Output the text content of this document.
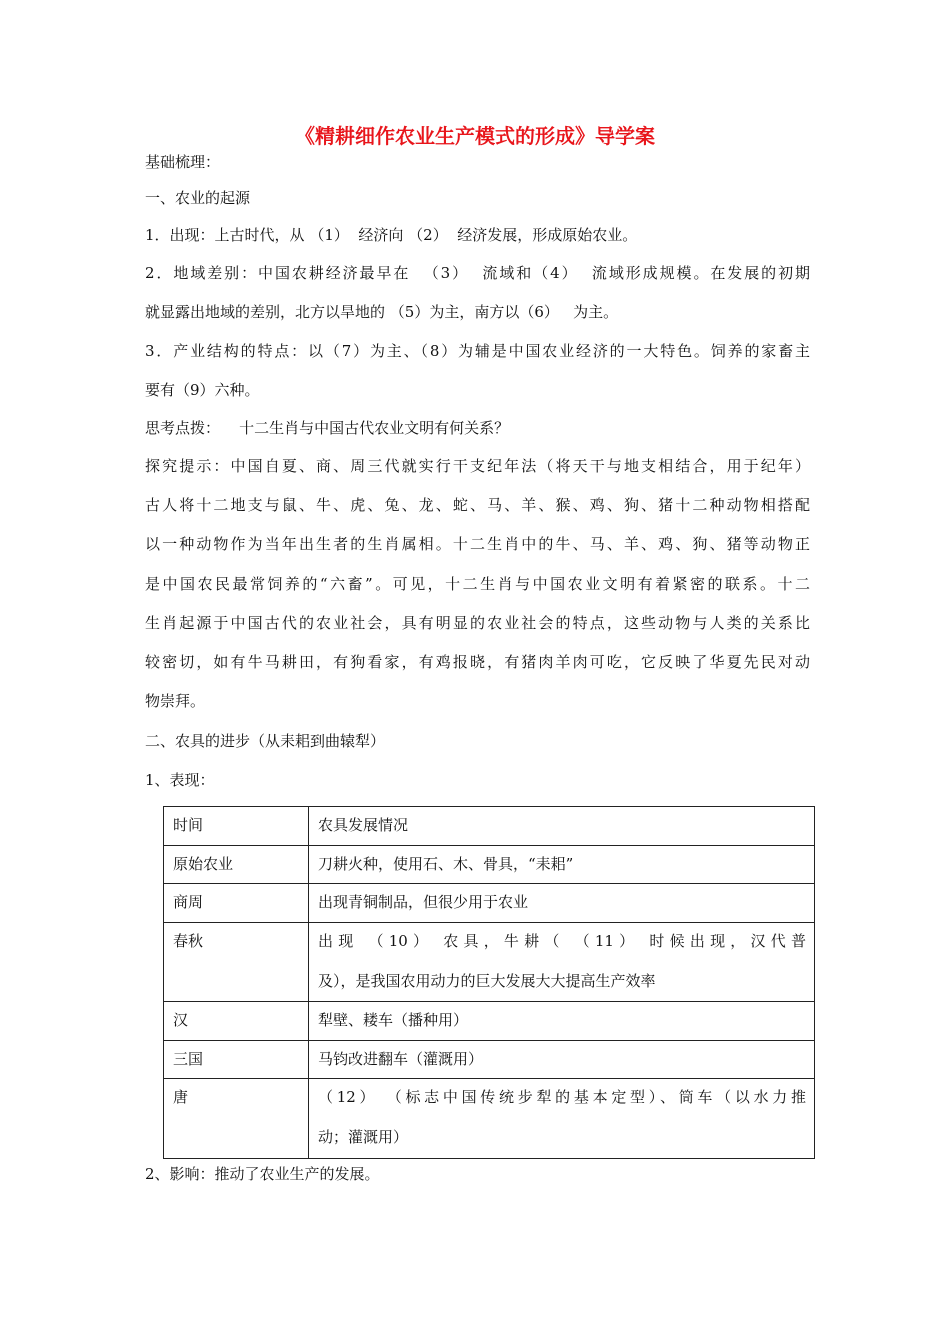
《精耕细作农业生产模式的形成》导学案
基础梳理：
一、农业的起源
1．出现：上古时代，从 （1）  经济向 （2）  经济发展，形成原始农业。
2．地域差别：中国农耕经济最早在  （3）  流域和（4）  流域形成规模。在发展的初期
就显露出地域的差别，北方以旱地的 （5）为主，南方以（6）   为主。
3．产业结构的特点：以（7）为主、（8）为辅是中国农业经济的一大特色。饲养的家畜主
要有（9）六种。
思考点拨：    十二生肖与中国古代农业文明有何关系？
探究提示：中国自夏、商、周三代就实行干支纪年法（将天干与地支相结合，用于纪年）
古人将十二地支与鼠、牛、虎、兔、龙、蛇、马、羊、猴、鸡、狗、猪十二种动物相搭配
以一种动物作为当年出生者的生肖属相。十二生肖中的牛、马、羊、鸡、狗、猪等动物正
是中国农民最常饲养的“六畜”。可见，十二生肖与中国农业文明有着紧密的联系。十二
生肖起源于中国古代的农业社会，具有明显的农业社会的特点，这些动物与人类的关系比
较密切，如有牛马耕田，有狗看家，有鸡报晓，有猪肉羊肉可吃，它反映了华夏先民对动
物崇拜。
二、农具的进步（从耒耜到曲辕犁）
1、表现：
时间	农具发展情况

原始农业	刀耕火种，使用石、木、骨具，“耒耜”

商周	出现青铜制品，但很少用于农业

春秋	出现 （10） 农具，牛耕（ （11） 时候出现，汉代普
及），是我国农用动力的巨大发展大大提高生产效率

汉	犁壁、耧车（播种用）

三国	马钧改进翻车（灌溉用）

唐	（12） （标志中国传统步犁的基本定型）、筒车（以水力推
动；灌溉用）
2、影响：推动了农业生产的发展。
